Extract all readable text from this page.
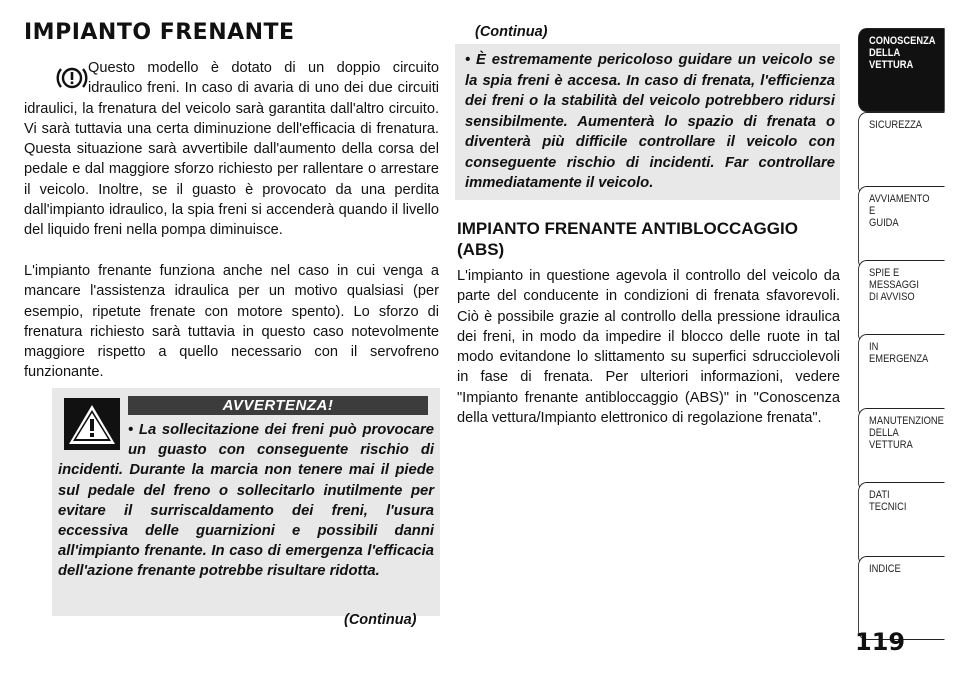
IMPIANTO FRENANTE
Questo modello è dotato di un doppio circuito idraulico freni. In caso di avaria di uno dei due circuiti idraulici, la frenatura del veicolo sarà garantita dall'altro circuito. Vi sarà tuttavia una certa diminuzione dell'efficacia di frenatura. Questa situazione sarà avvertibile dall'aumento della corsa del pedale e dal maggiore sforzo richiesto per rallentare o arrestare il veicolo. Inoltre, se il guasto è provocato da una perdita dall'impianto idraulico, la spia freni si accenderà quando il livello del liquido freni nella pompa diminuisce.

L'impianto frenante funziona anche nel caso in cui venga a mancare l'assistenza idraulica per un motivo qualsiasi (per esempio, ripetute frenate con motore spento). Lo sforzo di frenatura richiesto sarà tuttavia in questo caso notevolmente maggiore rispetto a quello necessario con il servofreno funzionante.

AVVERTENZA!

• La sollecitazione dei freni può provocare un guasto con conseguente rischio di incidenti. Durante la marcia non tenere mai il piede sul pedale del freno o sollecitarlo inutilmente per evitare il surriscaldamento dei freni, l'usura eccessiva delle guarnizioni e possibili danni all'impianto frenante. In caso di emergenza l'efficacia dell'azione frenante potrebbe risultare ridotta.

(Continua)
(Continua)

• È estremamente pericoloso guidare un veicolo se la spia freni è accesa. In caso di frenata, l'efficienza dei freni o la stabilità del veicolo potrebbero ridursi sensibilmente. Aumenterà lo spazio di frenata o diventerà più difficile controllare il veicolo con conseguente rischio di incidenti. Far controllare immediatamente il veicolo.

IMPIANTO FRENANTE ANTIBLOCCAGGIO (ABS)

L'impianto in questione agevola il controllo del veicolo da parte del conducente in condizioni di frenata sfavorevoli. Ciò è possibile grazie al controllo della pressione idraulica dei freni, in modo da impedire il blocco delle ruote in tal modo evitandone lo slittamento su superfici sdrucciolevoli in fase di frenata. Per ulteriori informazioni, vedere "Impianto frenante antibloccaggio (ABS)" in "Conoscenza della vettura/Impianto elettronico di regolazione frenata".

CONOSCENZA
DELLA
VETTURA
SICUREZZA
AVVIAMENTO
E
GUIDA
SPIE E
MESSAGGI
DI AVVISO
IN
EMERGENZA
MANUTENZIONE
DELLA
VETTURA
DATI
TECNICI
INDICE
119
